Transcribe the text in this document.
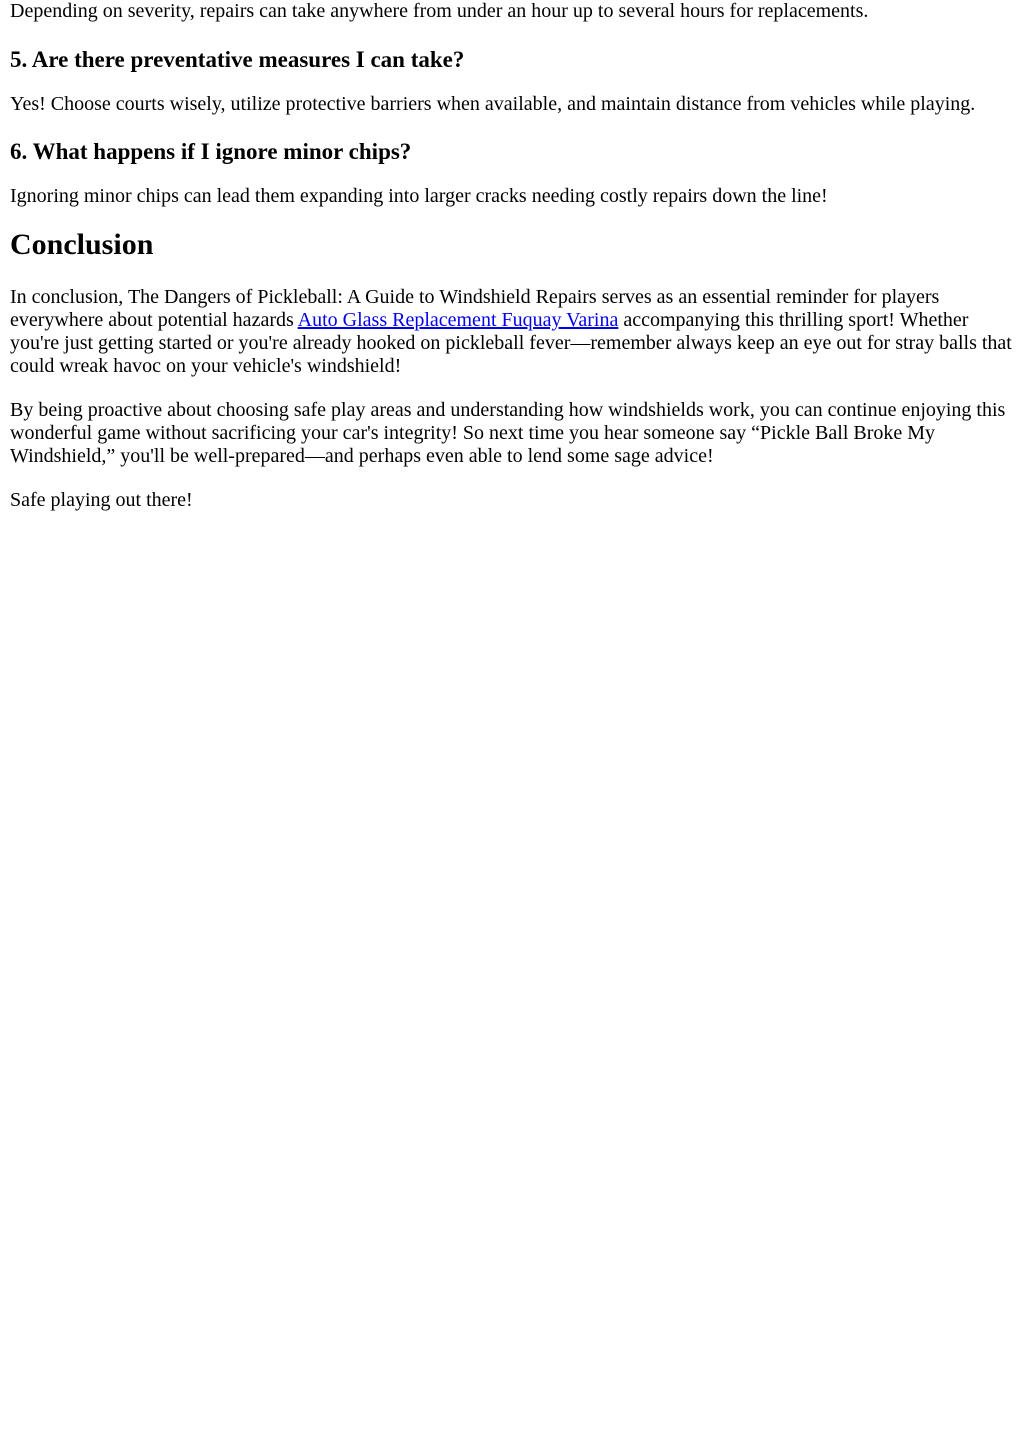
Depending on severity, repairs can take anywhere from under an hour up to several hours for replacements.

5. Are there preventative measures I can take?

Yes! Choose courts wisely, utilize protective barriers when available, and maintain distance from vehicles while playing.

6. What happens if I ignore minor chips?

Ignoring minor chips can lead them expanding into larger cracks needing costly repairs down the line!

Conclusion

In conclusion, The Dangers of Pickleball: A Guide to Windshield Repairs serves as an essential reminder for players everywhere about potential hazards Auto Glass Replacement Fuquay Varina accompanying this thrilling sport! Whether you're just getting started or you're already hooked on pickleball fever—remember always keep an eye out for stray balls that could wreak havoc on your vehicle's windshield!

By being proactive about choosing safe play areas and understanding how windshields work, you can continue enjoying this wonderful game without sacrificing your car's integrity! So next time you hear someone say “Pickle Ball Broke My Windshield,” you'll be well-prepared—and perhaps even able to lend some sage advice!

Safe playing out there!
